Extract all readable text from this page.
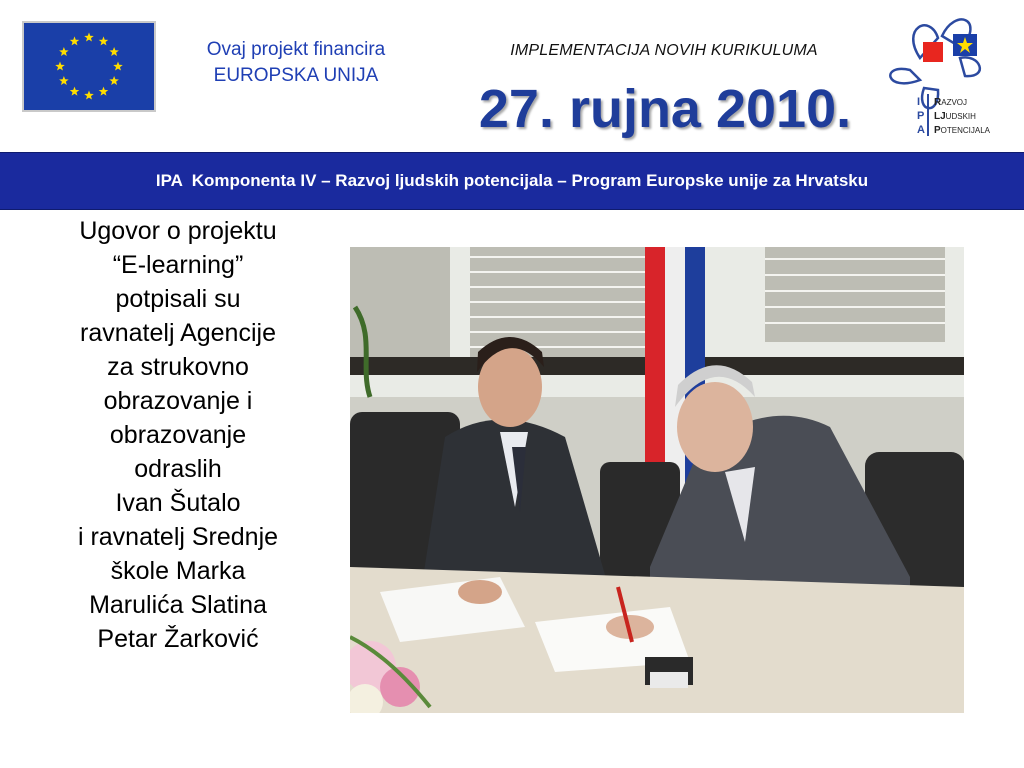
Ovaj projekt financira
EUROPSKA UNIJA
IMPLEMENTACIJA NOVIH KURIKULUMA
27. rujna 2010.	I
P
A
RAZVOJ
LJUDSKIH
POTENCIJALA
IPA  Komponenta IV – Razvoj ljudskih potencijala – Program Europske unije za Hrvatsku
Ugovor o projektu
“E-learning”
potpisali su
ravnatelj Agencije
za strukovno
obrazovanje i
obrazovanje
odraslih
Ivan Šutalo
i ravnatelj Srednje
škole Marka
Marulića Slatina
Petar Žarković
